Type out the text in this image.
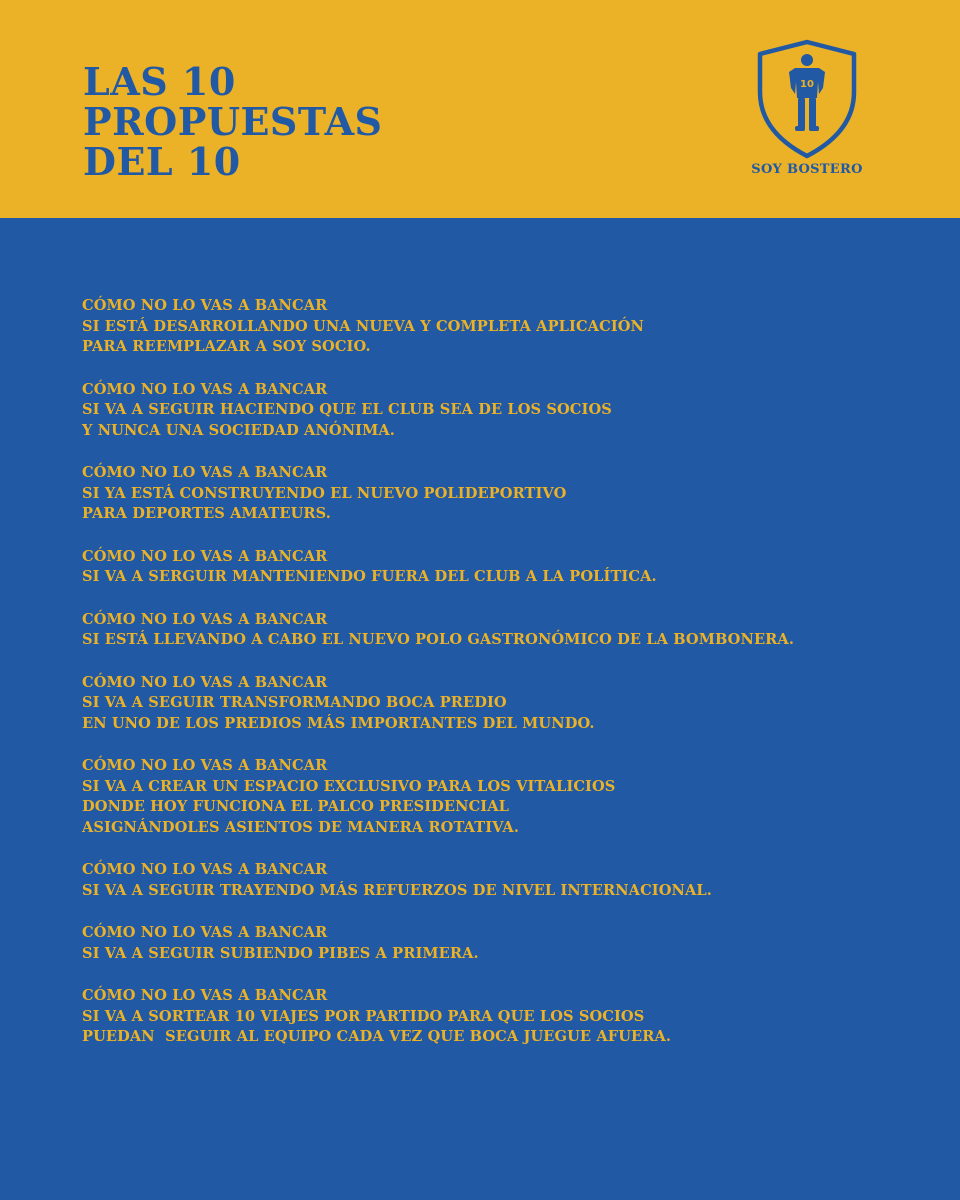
LAS 10
PROPUESTAS
DEL 10
10
SOY BOSTERO
CÓMO NO LO VAS A BANCAR
SI ESTÁ DESARROLLANDO UNA NUEVA Y COMPLETA APLICACIÓN
PARA REEMPLAZAR A SOY SOCIO.
CÓMO NO LO VAS A BANCAR
SI VA A SEGUIR HACIENDO QUE EL CLUB SEA DE LOS SOCIOS
Y NUNCA UNA SOCIEDAD ANÓNIMA.
CÓMO NO LO VAS A BANCAR
SI YA ESTÁ CONSTRUYENDO EL NUEVO POLIDEPORTIVO
PARA DEPORTES AMATEURS.
CÓMO NO LO VAS A BANCAR
SI VA A SERGUIR MANTENIENDO FUERA DEL CLUB A LA POLÍTICA.
CÓMO NO LO VAS A BANCAR
SI ESTÁ LLEVANDO A CABO EL NUEVO POLO GASTRONÓMICO DE LA BOMBONERA.
CÓMO NO LO VAS A BANCAR
SI VA A SEGUIR TRANSFORMANDO BOCA PREDIO
EN UNO DE LOS PREDIOS MÁS IMPORTANTES DEL MUNDO.
CÓMO NO LO VAS A BANCAR
SI VA A CREAR UN ESPACIO EXCLUSIVO PARA LOS VITALICIOS
DONDE HOY FUNCIONA EL PALCO PRESIDENCIAL
ASIGNÁNDOLES ASIENTOS DE MANERA ROTATIVA.
CÓMO NO LO VAS A BANCAR
SI VA A SEGUIR TRAYENDO MÁS REFUERZOS DE NIVEL INTERNACIONAL.
CÓMO NO LO VAS A BANCAR
SI VA A SEGUIR SUBIENDO PIBES A PRIMERA.
CÓMO NO LO VAS A BANCAR
SI VA A SORTEAR 10 VIAJES POR PARTIDO PARA QUE LOS SOCIOS
PUEDAN  SEGUIR AL EQUIPO CADA VEZ QUE BOCA JUEGUE AFUERA.
